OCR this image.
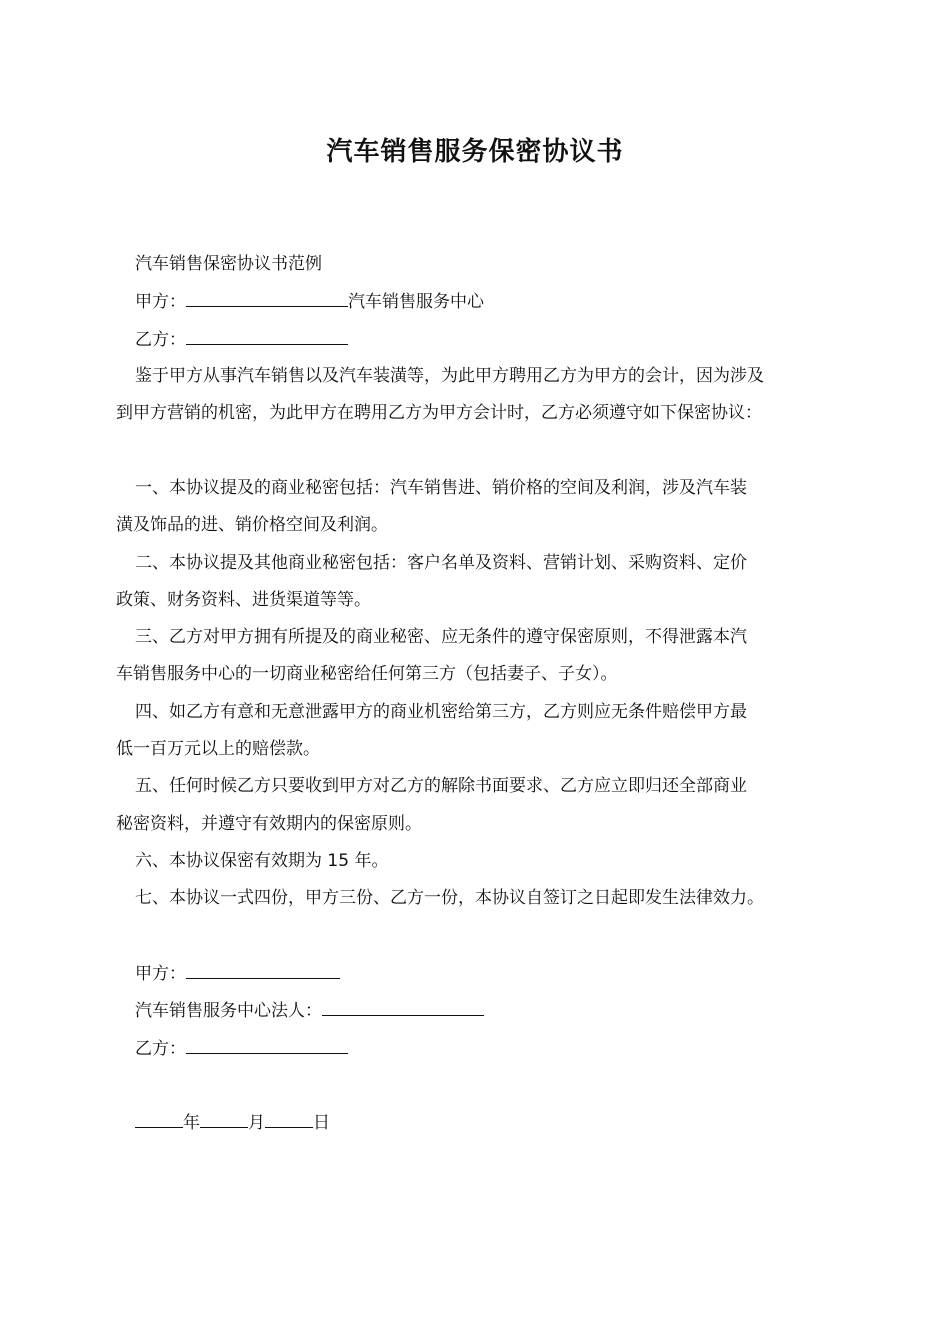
汽车销售服务保密协议书
汽车销售保密协议书范例
甲方：	汽车销售服务中心
乙方：
鉴于甲方从事汽车销售以及汽车装潢等，为此甲方聘用乙方为甲方的会计，因为涉及
到甲方营销的机密，为此甲方在聘用乙方为甲方会计时，乙方必须遵守如下保密协议：
一、本协议提及的商业秘密包括：汽车销售进、销价格的空间及利润，涉及汽车装
潢及饰品的进、销价格空间及利润。
二、本协议提及其他商业秘密包括：客户名单及资料、营销计划、采购资料、定价
政策、财务资料、进货渠道等等。
三、乙方对甲方拥有所提及的商业秘密、应无条件的遵守保密原则，不得泄露本汽
车销售服务中心的一切商业秘密给任何第三方（包括妻子、子女）。
四、如乙方有意和无意泄露甲方的商业机密给第三方，乙方则应无条件赔偿甲方最
低一百万元以上的赔偿款。
五、任何时候乙方只要收到甲方对乙方的解除书面要求、乙方应立即归还全部商业
秘密资料，并遵守有效期内的保密原则。
六、本协议保密有效期为 15 年。
七、本协议一式四份，甲方三份、乙方一份，本协议自签订之日起即发生法律效力。
甲方：
汽车销售服务中心法人：
乙方：
年	月	日
